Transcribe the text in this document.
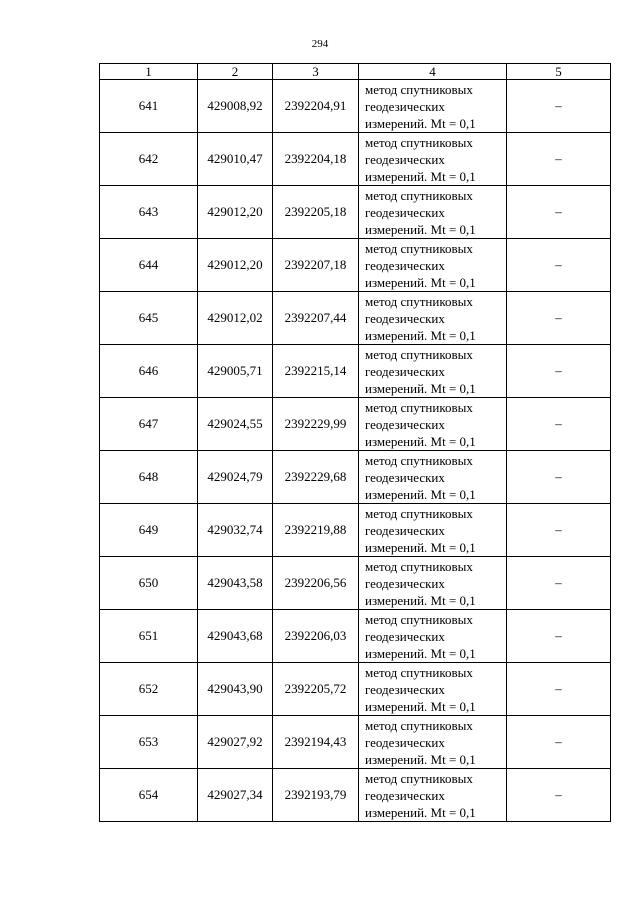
294
1	2	3	4	5
641	429008,92	2392204,91	метод спутниковых
геодезических
измерений. Mt = 0,1	–
642	429010,47	2392204,18	метод спутниковых
геодезических
измерений. Mt = 0,1	–
643	429012,20	2392205,18	метод спутниковых
геодезических
измерений. Mt = 0,1	–
644	429012,20	2392207,18	метод спутниковых
геодезических
измерений. Mt = 0,1	–
645	429012,02	2392207,44	метод спутниковых
геодезических
измерений. Mt = 0,1	–
646	429005,71	2392215,14	метод спутниковых
геодезических
измерений. Mt = 0,1	–
647	429024,55	2392229,99	метод спутниковых
геодезических
измерений. Mt = 0,1	–
648	429024,79	2392229,68	метод спутниковых
геодезических
измерений. Mt = 0,1	–
649	429032,74	2392219,88	метод спутниковых
геодезических
измерений. Mt = 0,1	–
650	429043,58	2392206,56	метод спутниковых
геодезических
измерений. Mt = 0,1	–
651	429043,68	2392206,03	метод спутниковых
геодезических
измерений. Mt = 0,1	–
652	429043,90	2392205,72	метод спутниковых
геодезических
измерений. Mt = 0,1	–
653	429027,92	2392194,43	метод спутниковых
геодезических
измерений. Mt = 0,1	–
654	429027,34	2392193,79	метод спутниковых
геодезических
измерений. Mt = 0,1	–
